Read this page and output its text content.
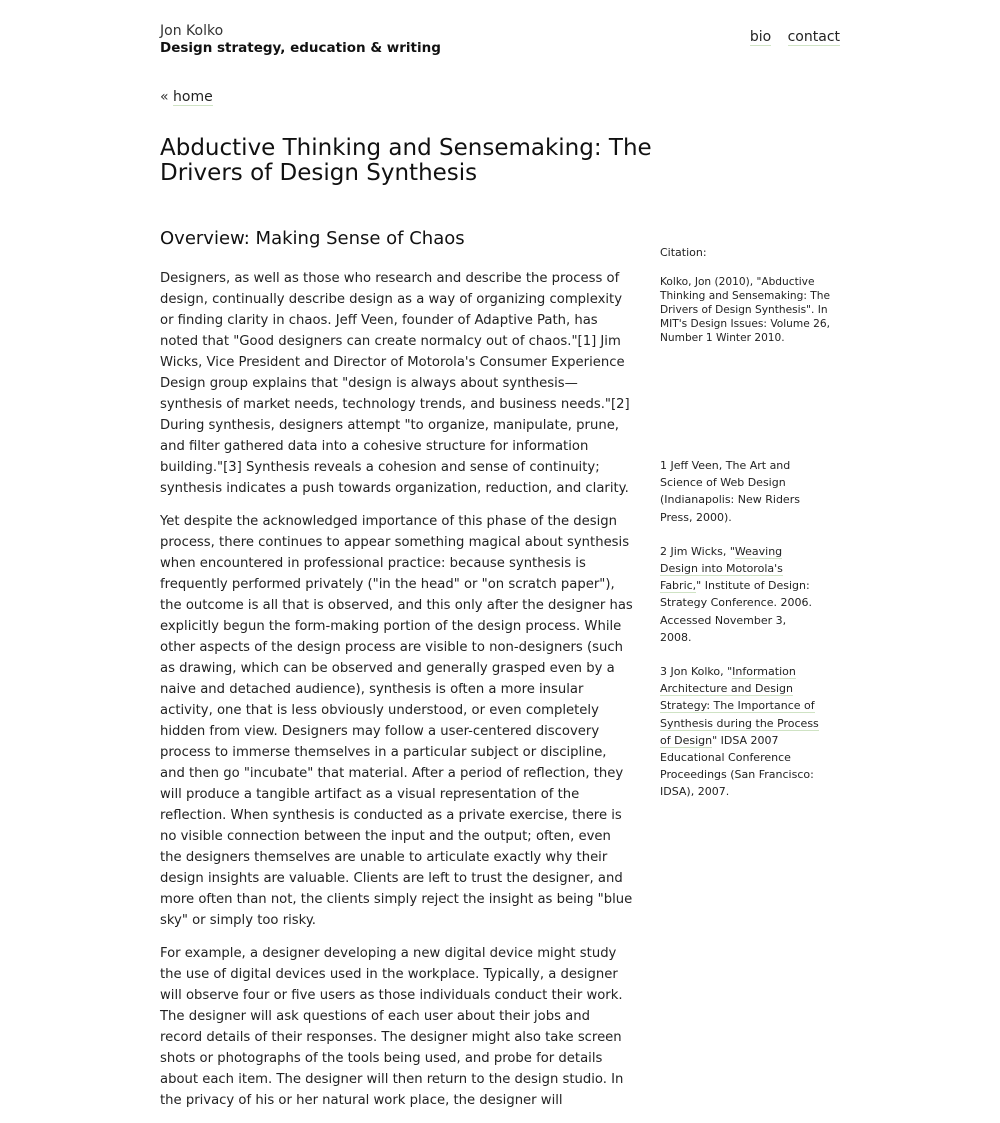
Jon Kolko
Design strategy, education & writing
bio contact
« home
Abductive Thinking and Sensemaking: The Drivers of Design Synthesis
Overview: Making Sense of Chaos

Designers, as well as those who research and describe the process of design, continually describe design as a way of organizing complexity or finding clarity in chaos. Jeff Veen, founder of Adaptive Path, has noted that "Good designers can create normalcy out of chaos."[1] Jim Wicks, Vice President and Director of Motorola's Consumer Experience Design group explains that "design is always about synthesis—synthesis of market needs, technology trends, and business needs."[2] During synthesis, designers attempt "to organize, manipulate, prune, and filter gathered data into a cohesive structure for information building."[3] Synthesis reveals a cohesion and sense of continuity; synthesis indicates a push towards organization, reduction, and clarity.

Yet despite the acknowledged importance of this phase of the design process, there continues to appear something magical about synthesis when encountered in professional practice: because synthesis is frequently performed privately ("in the head" or "on scratch paper"), the outcome is all that is observed, and this only after the designer has explicitly begun the form-making portion of the design process. While other aspects of the design process are visible to non-designers (such as drawing, which can be observed and generally grasped even by a naive and detached audience), synthesis is often a more insular activity, one that is less obviously understood, or even completely hidden from view. Designers may follow a user-centered discovery process to immerse themselves in a particular subject or discipline, and then go "incubate" that material. After a period of reflection, they will produce a tangible artifact as a visual representation of the reflection. When synthesis is conducted as a private exercise, there is no visible connection between the input and the output; often, even the designers themselves are unable to articulate exactly why their design insights are valuable. Clients are left to trust the designer, and more often than not, the clients simply reject the insight as being "blue sky" or simply too risky.

For example, a designer developing a new digital device might study the use of digital devices used in the workplace. Typically, a designer will observe four or five users as those individuals conduct their work. The designer will ask questions of each user about their jobs and record details of their responses. The designer might also take screen shots or photographs of the tools being used, and probe for details about each item. The designer will then return to the design studio. In the privacy of his or her natural work place, the designer will

Citation:
Kolko, Jon (2010), "Abductive Thinking and Sensemaking: The Drivers of Design Synthesis". In MIT's Design Issues: Volume 26, Number 1 Winter 2010.
1 Jeff Veen, The Art and Science of Web Design (Indianapolis: New Riders Press, 2000).
2 Jim Wicks, "Weaving Design into Motorola's Fabric," Institute of Design: Strategy Conference. 2006. Accessed November 3, 2008.
3 Jon Kolko, "Information Architecture and Design Strategy: The Importance of Synthesis during the Process of Design" IDSA 2007 Educational Conference Proceedings (San Francisco: IDSA), 2007.
